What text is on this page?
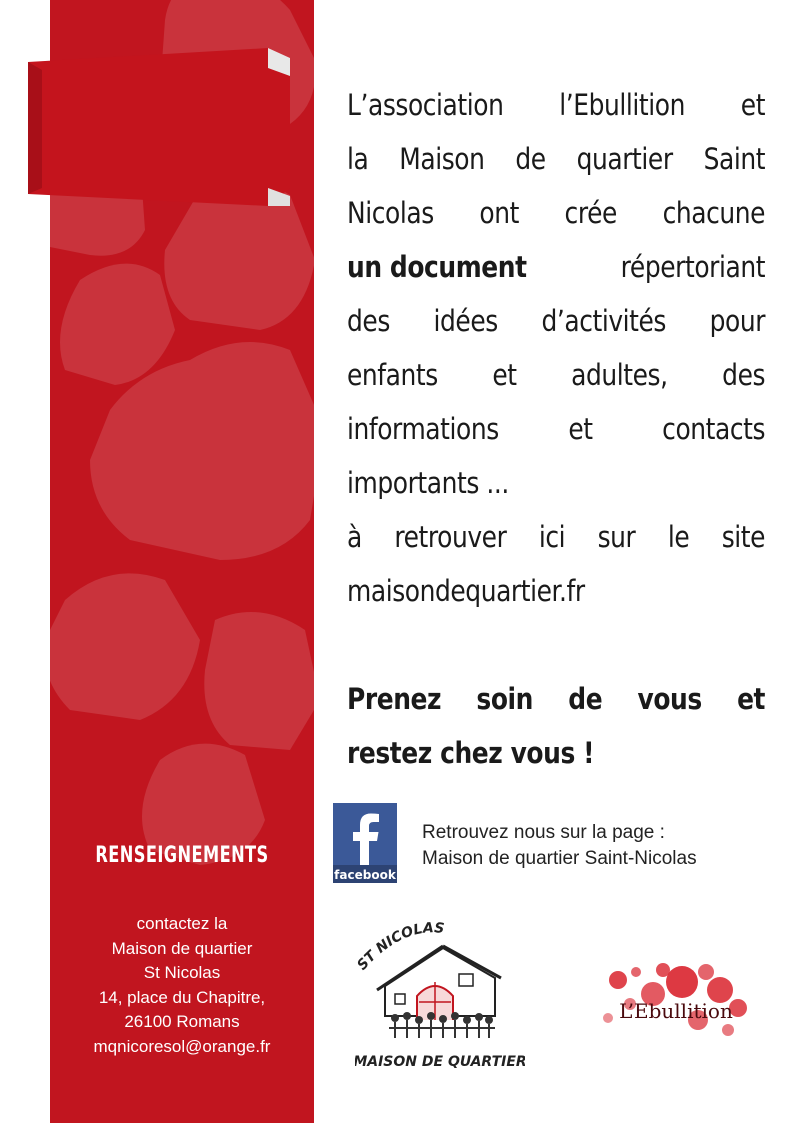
RENSEIGNEMENTS
contactez la
Maison de quartier
St Nicolas
14, place du Chapitre,
26100 Romans
mqnicoresol@orange.fr
L’association l’Ebullition et
la Maison de quartier Saint
Nicolas ont crée chacune
un document	répertoriant
des idées d’activités pour
enfants et adultes, des
informations et contacts
importants ...
à retrouver ici sur le site
maisondequartier.fr
Prenez soin de vous et
restez chez vous !
facebook
Retrouvez nous sur la page :
Maison de quartier Saint-Nicolas
ST NICOLAS
MAISON DE QUARTIER
L’Ebullition
